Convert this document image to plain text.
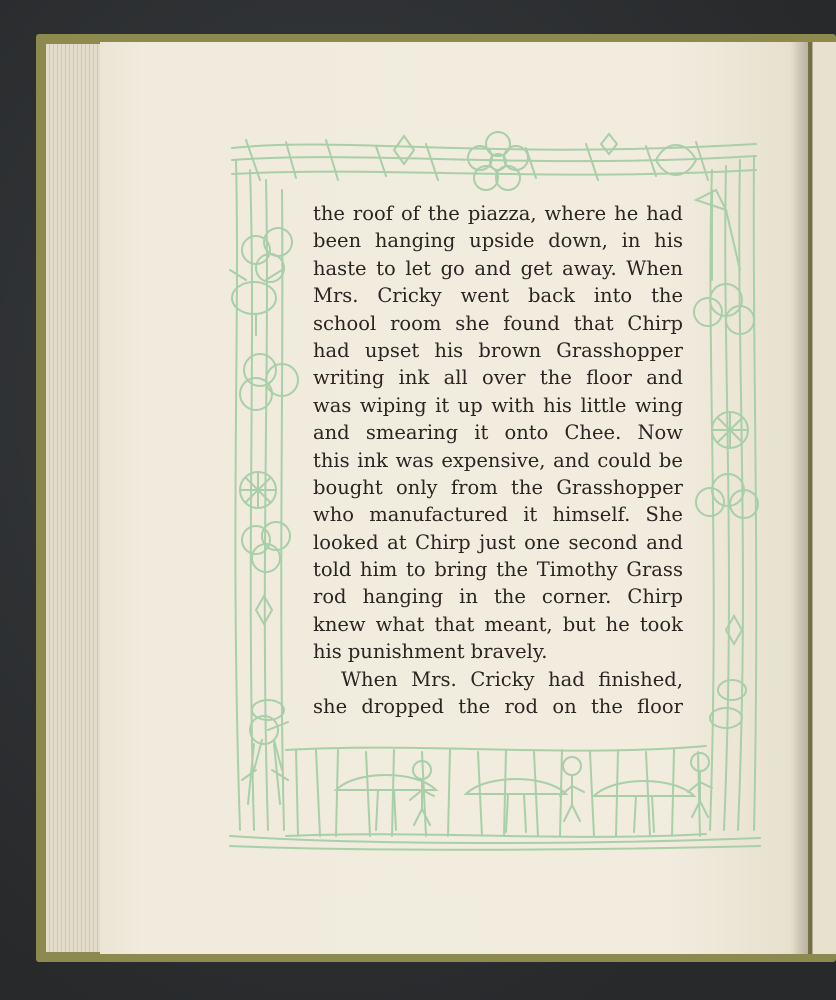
the roof of the piazza, where he had
been hanging upside down, in his
haste to let go and get away. When
Mrs. Cricky went back into the
school room she found that Chirp
had upset his brown Grasshopper
writing ink all over the floor and
was wiping it up with his little wing
and smearing it onto Chee. Now
this ink was expensive, and could be
bought only from the Grasshopper
who manufactured it himself. She
looked at Chirp just one second and
told him to bring the Timothy Grass
rod hanging in the corner. Chirp
knew what that meant, but he took
his punishment bravely.
When Mrs. Cricky had finished,
she dropped the rod on the floor
